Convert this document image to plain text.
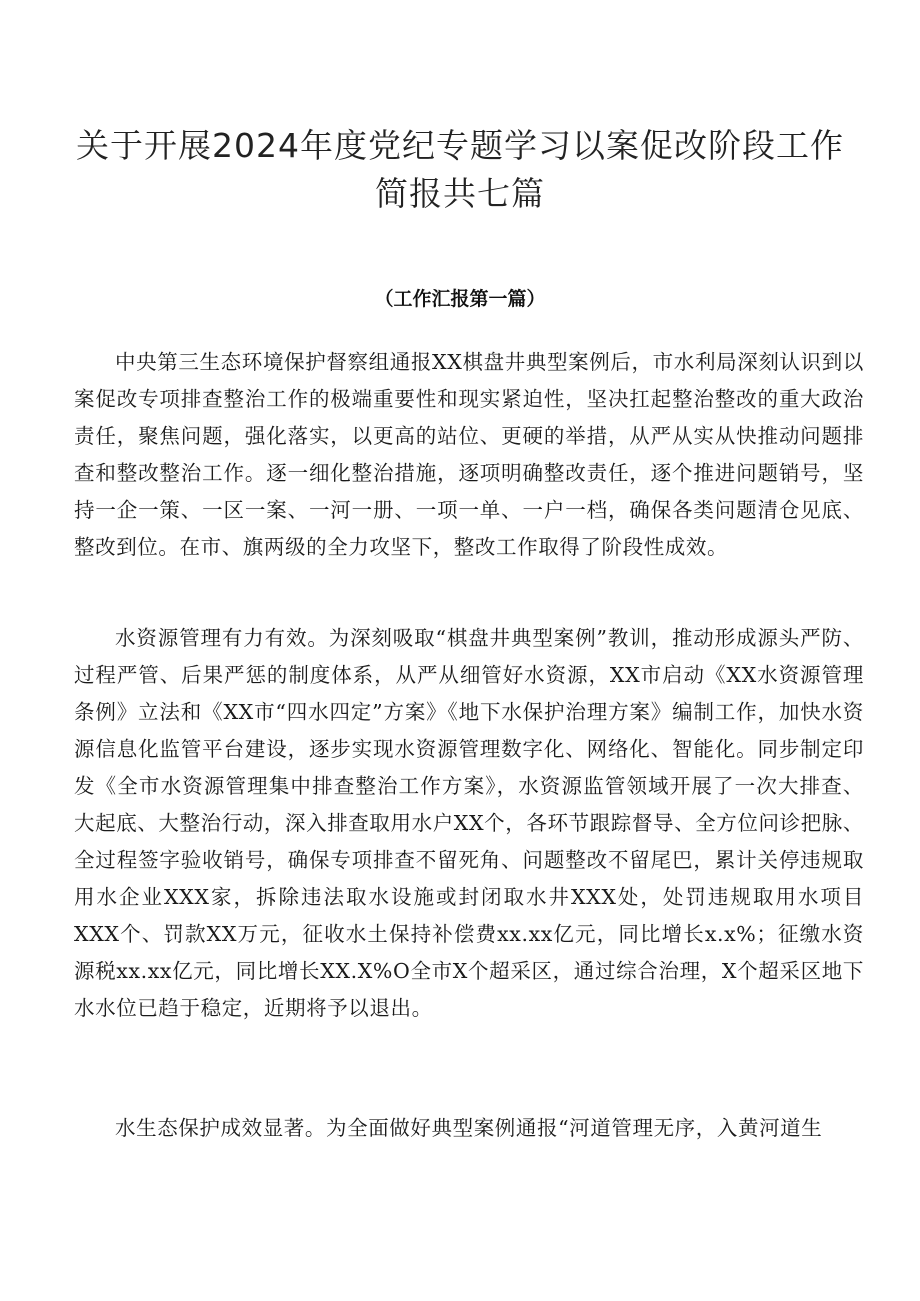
关于开展2024年度党纪专题学习以案促改阶段工作
简报共七篇
（工作汇报第一篇）

中央第三生态环境保护督察组通报XX棋盘井典型案例后，市水利局深刻认识到以案促改专项排查整治工作的极端重要性和现实紧迫性，坚决扛起整治整改的重大政治责任，聚焦问题，强化落实，以更高的站位、更硬的举措，从严从实从快推动问题排查和整改整治工作。逐一细化整治措施，逐项明确整改责任，逐个推进问题销号，坚持一企一策、一区一案、一河一册、一项一单、一户一档，确保各类问题清仓见底、整改到位。在市、旗两级的全力攻坚下，整改工作取得了阶段性成效。

水资源管理有力有效。为深刻吸取“棋盘井典型案例”教训，推动形成源头严防、过程严管、后果严惩的制度体系，从严从细管好水资源，XX市启动《XX水资源管理条例》立法和《XX市“四水四定”方案》《地下水保护治理方案》编制工作，加快水资源信息化监管平台建设，逐步实现水资源管理数字化、网络化、智能化。同步制定印发《全市水资源管理集中排查整治工作方案》，水资源监管领域开展了一次大排查、大起底、大整治行动，深入排查取用水户XX个，各环节跟踪督导、全方位问诊把脉、全过程签字验收销号，确保专项排查不留死角、问题整改不留尾巴，累计关停违规取用水企业XXX家，拆除违法取水设施或封闭取水井XXX处，处罚违规取用水项目XXX个、罚款XX万元，征收水土保持补偿费xx.xx亿元，同比增长x.x%；征缴水资源税xx.xx亿元，同比增长XX.X%O全市X个超采区，通过综合治理，X个超采区地下水水位已趋于稳定，近期将予以退出。

水生态保护成效显著。为全面做好典型案例通报“河道管理无序，入黄河道生
